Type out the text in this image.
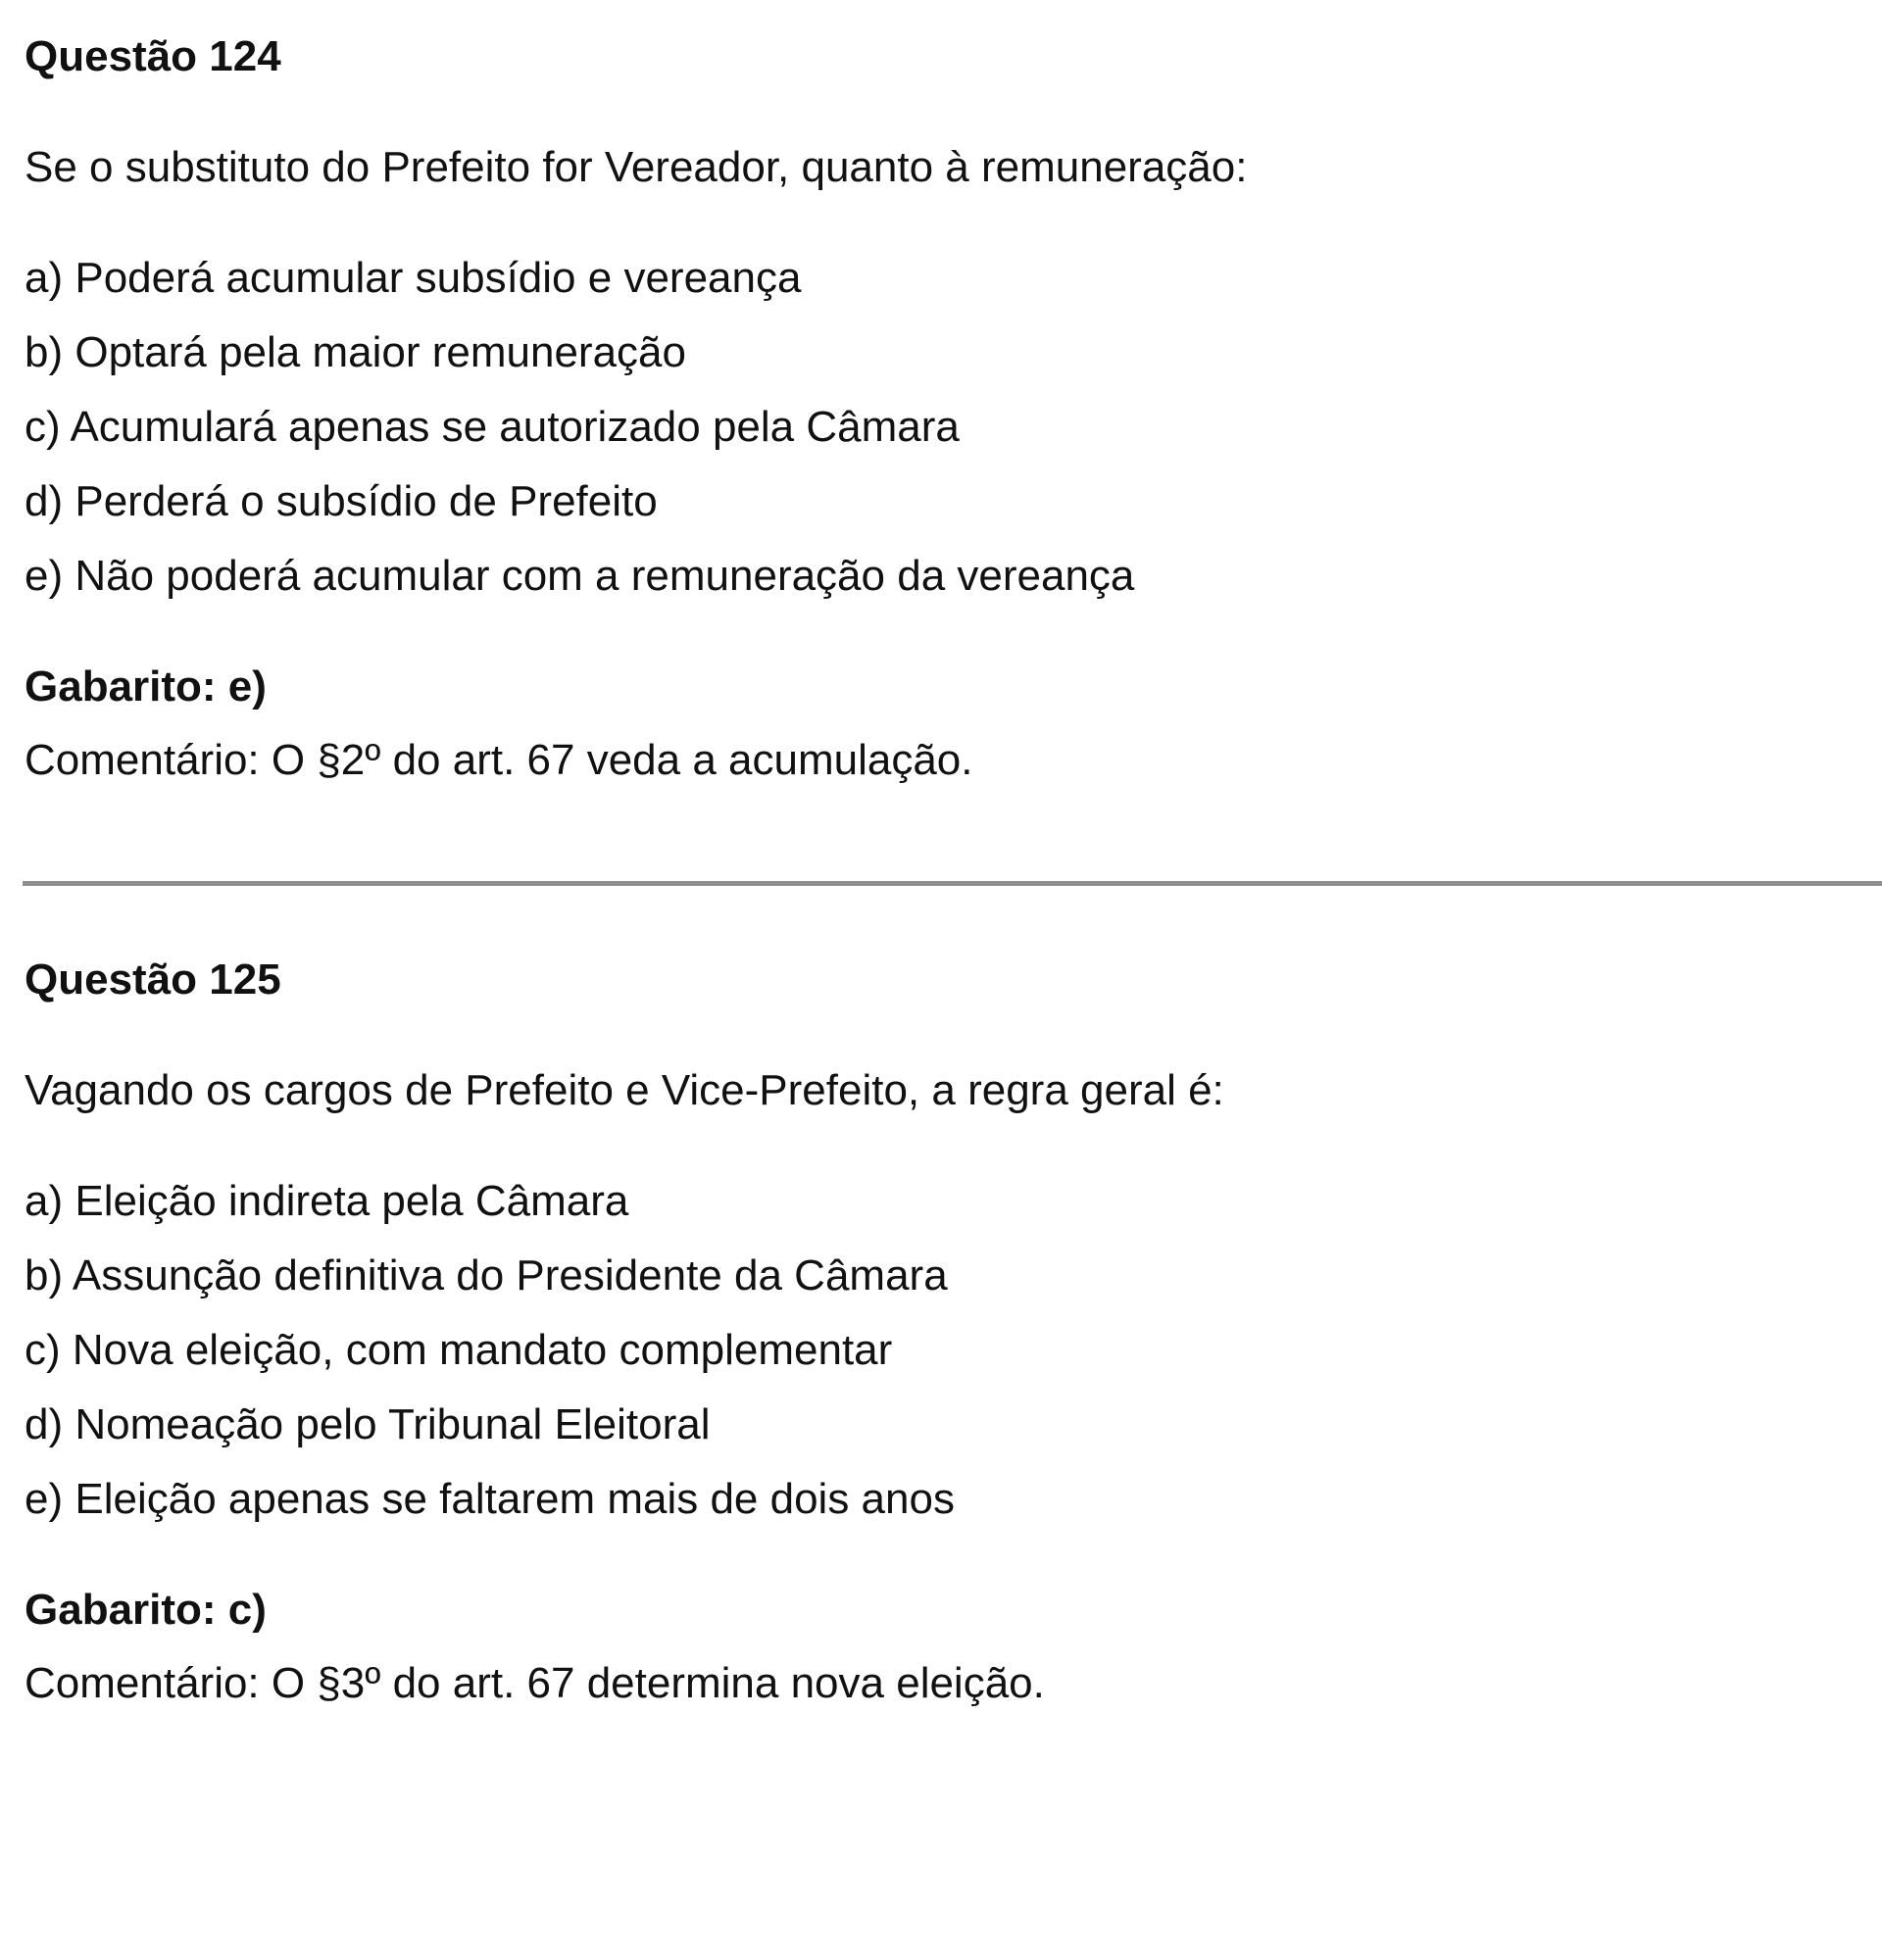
Questão 124
Se o substituto do Prefeito for Vereador, quanto à remuneração:
a) Poderá acumular subsídio e vereança
b) Optará pela maior remuneração
c) Acumulará apenas se autorizado pela Câmara
d) Perderá o subsídio de Prefeito
e) Não poderá acumular com a remuneração da vereança
Gabarito: e)
Comentário: O §2º do art. 67 veda a acumulação.
Questão 125
Vagando os cargos de Prefeito e Vice-Prefeito, a regra geral é:
a) Eleição indireta pela Câmara
b) Assunção definitiva do Presidente da Câmara
c) Nova eleição, com mandato complementar
d) Nomeação pelo Tribunal Eleitoral
e) Eleição apenas se faltarem mais de dois anos
Gabarito: c)
Comentário: O §3º do art. 67 determina nova eleição.
